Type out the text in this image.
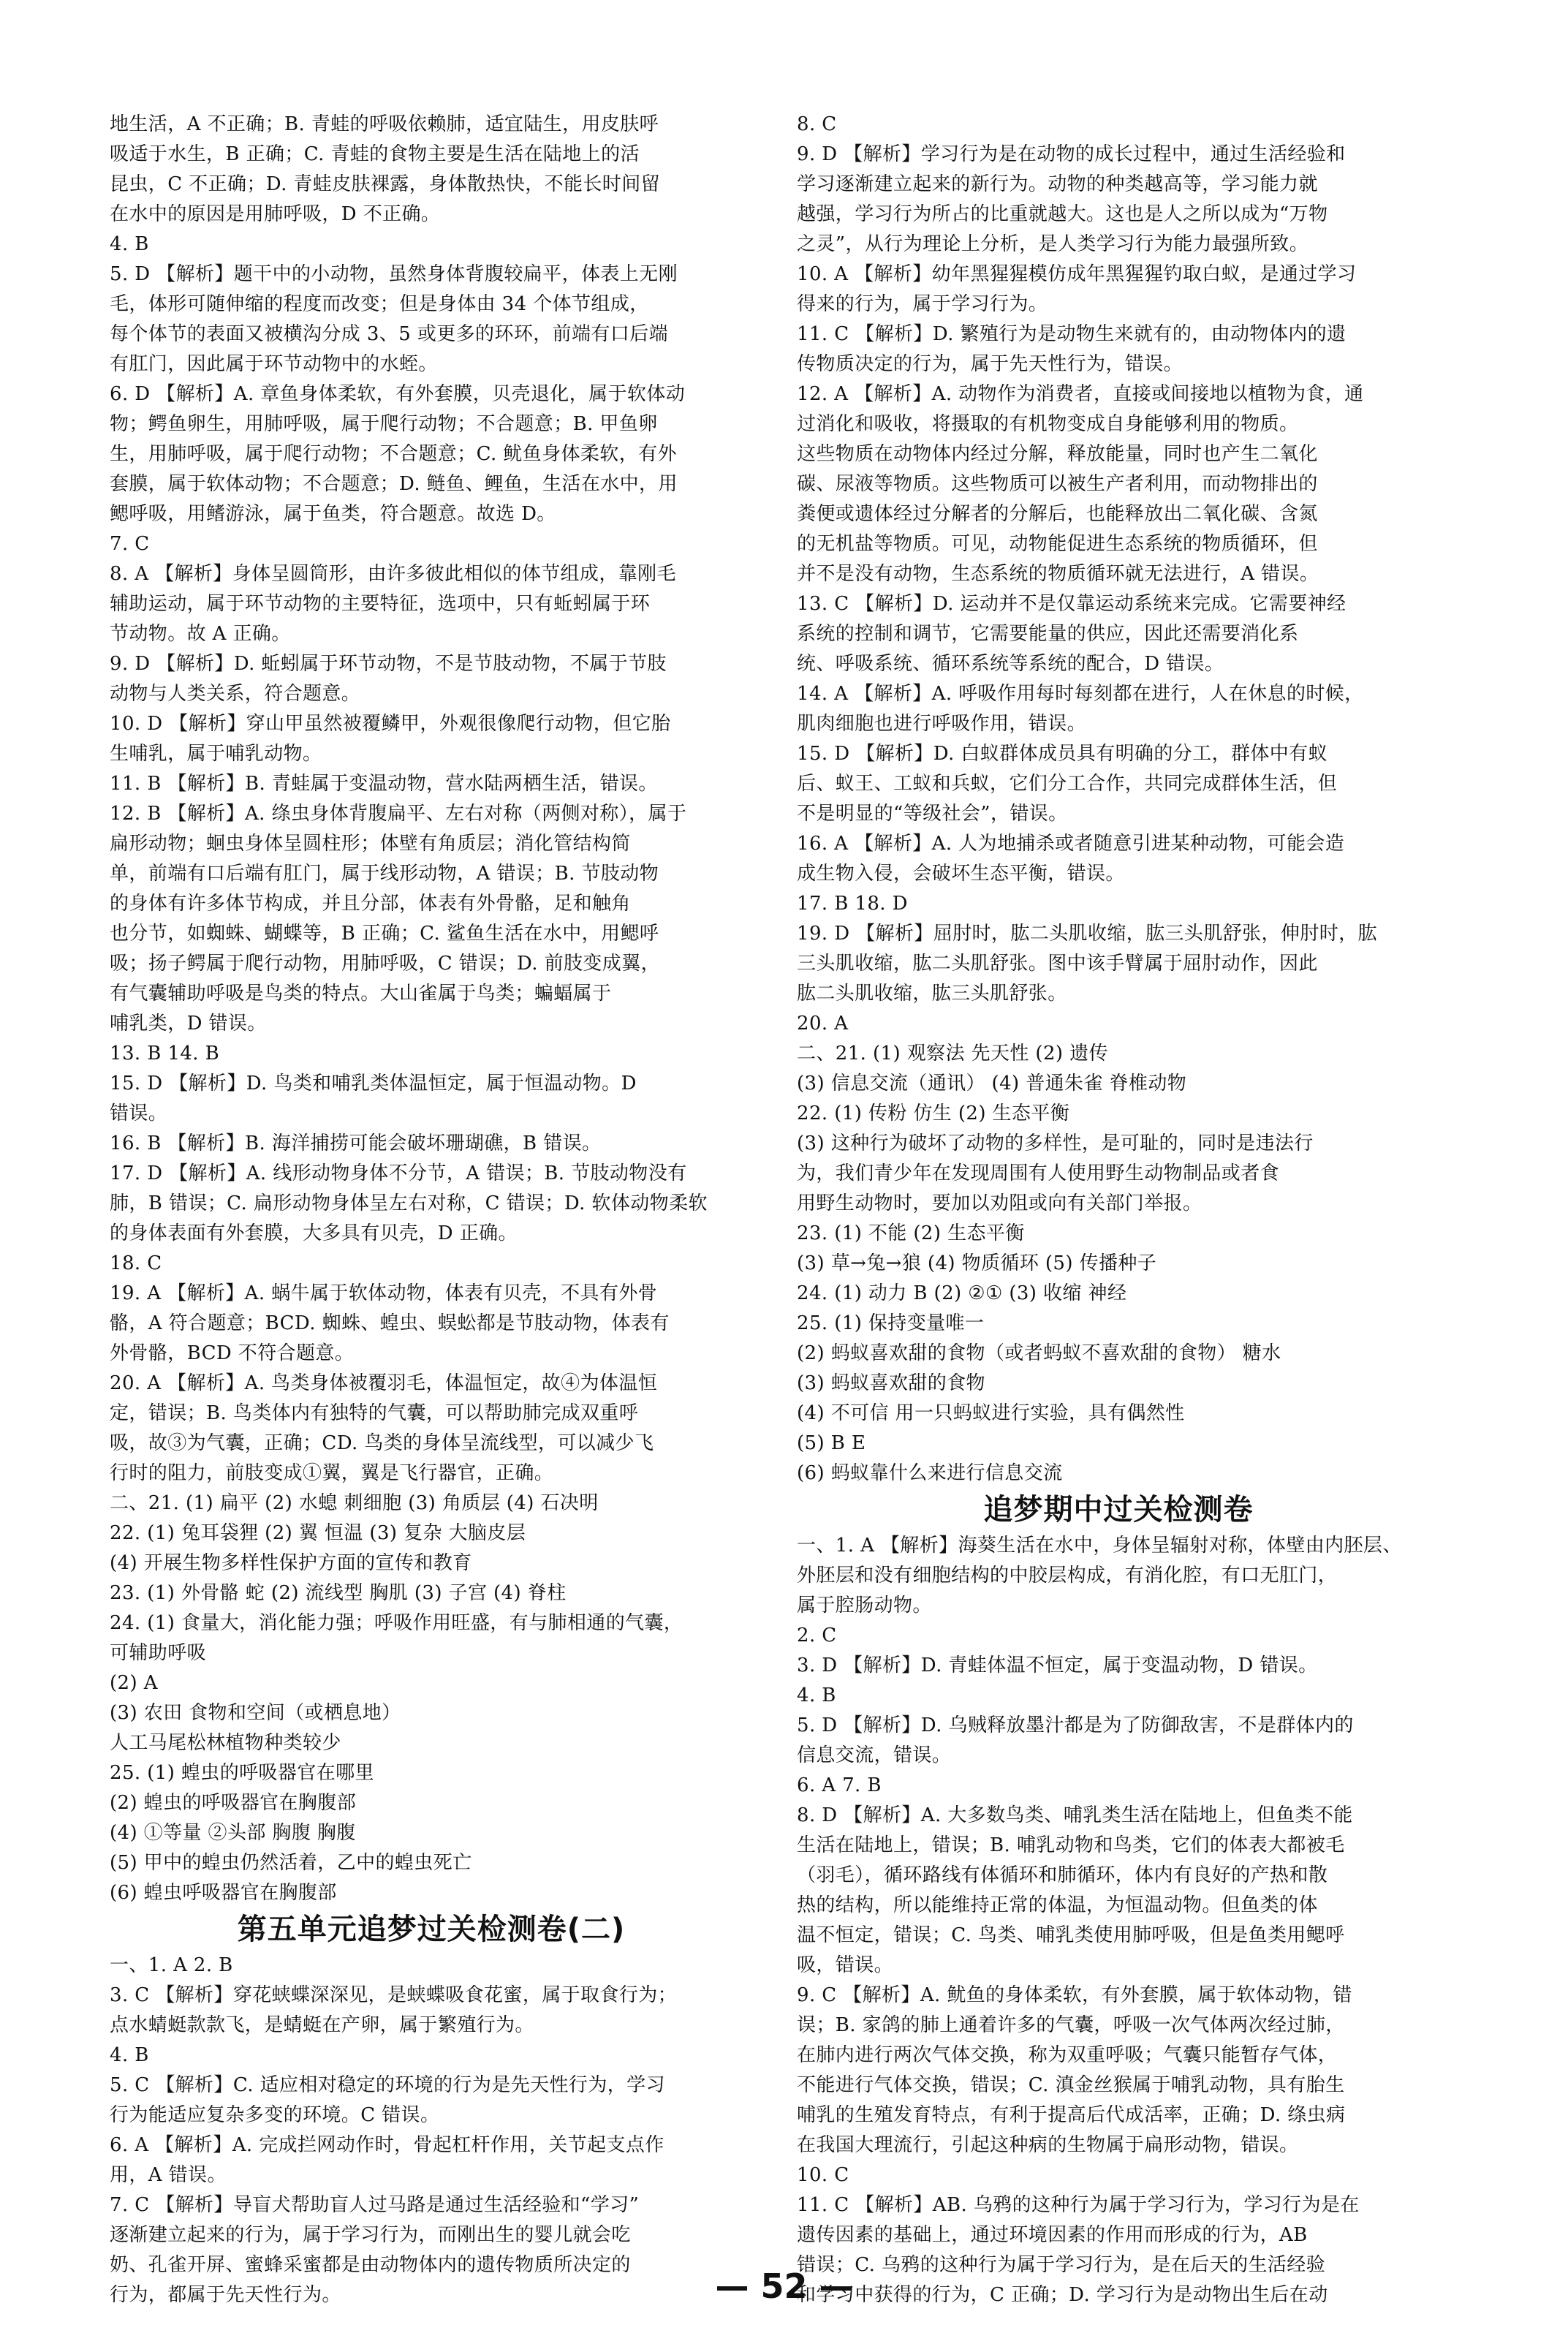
地生活，A 不正确；B. 青蛙的呼吸依赖肺，适宜陆生，用皮肤呼
吸适于水生，B 正确；C. 青蛙的食物主要是生活在陆地上的活
昆虫，C 不正确；D. 青蛙皮肤裸露，身体散热快，不能长时间留
在水中的原因是用肺呼吸，D 不正确。
4. B
5. D 【解析】题干中的小动物，虽然身体背腹较扁平，体表上无刚
毛，体形可随伸缩的程度而改变；但是身体由 34 个体节组成，
每个体节的表面又被横沟分成 3、5 或更多的环环，前端有口后端
有肛门，因此属于环节动物中的水蛭。
6. D 【解析】A. 章鱼身体柔软，有外套膜，贝壳退化，属于软体动
物；鳄鱼卵生，用肺呼吸，属于爬行动物；不合题意；B. 甲鱼卵
生，用肺呼吸，属于爬行动物；不合题意；C. 鱿鱼身体柔软，有外
套膜，属于软体动物；不合题意；D. 鲢鱼、鲤鱼，生活在水中，用
鳃呼吸，用鳍游泳，属于鱼类，符合题意。故选 D。
7. C
8. A 【解析】身体呈圆筒形，由许多彼此相似的体节组成，靠刚毛
辅助运动，属于环节动物的主要特征，选项中，只有蚯蚓属于环
节动物。故 A 正确。
9. D 【解析】D. 蚯蚓属于环节动物，不是节肢动物，不属于节肢
动物与人类关系，符合题意。
10. D 【解析】穿山甲虽然被覆鳞甲，外观很像爬行动物，但它胎
生哺乳，属于哺乳动物。
11. B 【解析】B. 青蛙属于变温动物，营水陆两栖生活，错误。
12. B 【解析】A. 绦虫身体背腹扁平、左右对称（两侧对称），属于
扁形动物；蛔虫身体呈圆柱形；体壁有角质层；消化管结构简
单，前端有口后端有肛门，属于线形动物，A 错误；B. 节肢动物
的身体有许多体节构成，并且分部，体表有外骨骼，足和触角
也分节，如蜘蛛、蝴蝶等，B 正确；C. 鲨鱼生活在水中，用鳃呼
吸；扬子鳄属于爬行动物，用肺呼吸，C 错误；D. 前肢变成翼，
有气囊辅助呼吸是鸟类的特点。大山雀属于鸟类；蝙蝠属于
哺乳类，D 错误。
13. B 14. B
15. D 【解析】D. 鸟类和哺乳类体温恒定，属于恒温动物。D
错误。
16. B 【解析】B. 海洋捕捞可能会破坏珊瑚礁，B 错误。
17. D 【解析】A. 线形动物身体不分节，A 错误；B. 节肢动物没有
肺，B 错误；C. 扁形动物身体呈左右对称，C 错误；D. 软体动物柔软
的身体表面有外套膜，大多具有贝壳，D 正确。
18. C
19. A 【解析】A. 蜗牛属于软体动物，体表有贝壳，不具有外骨
骼，A 符合题意；BCD. 蜘蛛、蝗虫、蜈蚣都是节肢动物，体表有
外骨骼，BCD 不符合题意。
20. A 【解析】A. 鸟类身体被覆羽毛，体温恒定，故④为体温恒
定，错误；B. 鸟类体内有独特的气囊，可以帮助肺完成双重呼
吸，故③为气囊，正确；CD. 鸟类的身体呈流线型，可以减少飞
行时的阻力，前肢变成①翼，翼是飞行器官，正确。
二、21. (1) 扁平 (2) 水螅 刺细胞 (3) 角质层 (4) 石决明
22. (1) 兔耳袋狸 (2) 翼 恒温 (3) 复杂 大脑皮层
(4) 开展生物多样性保护方面的宣传和教育
23. (1) 外骨骼 蛇 (2) 流线型 胸肌 (3) 子宫 (4) 脊柱
24. (1) 食量大，消化能力强；呼吸作用旺盛，有与肺相通的气囊，
可辅助呼吸
(2) A
(3) 农田 食物和空间（或栖息地）
人工马尾松林植物种类较少
25. (1) 蝗虫的呼吸器官在哪里
(2) 蝗虫的呼吸器官在胸腹部
(4) ①等量 ②头部 胸腹 胸腹
(5) 甲中的蝗虫仍然活着，乙中的蝗虫死亡
(6) 蝗虫呼吸器官在胸腹部
第五单元追梦过关检测卷(二)
一、1. A 2. B
3. C 【解析】穿花蛱蝶深深见，是蛱蝶吸食花蜜，属于取食行为；
点水蜻蜓款款飞，是蜻蜓在产卵，属于繁殖行为。
4. B
5. C 【解析】C. 适应相对稳定的环境的行为是先天性行为，学习
行为能适应复杂多变的环境。C 错误。
6. A 【解析】A. 完成拦网动作时，骨起杠杆作用，关节起支点作
用，A 错误。
7. C 【解析】导盲犬帮助盲人过马路是通过生活经验和“学习”
逐渐建立起来的行为，属于学习行为，而刚出生的婴儿就会吃
奶、孔雀开屏、蜜蜂采蜜都是由动物体内的遗传物质所决定的
行为，都属于先天性行为。
8. C
9. D 【解析】学习行为是在动物的成长过程中，通过生活经验和
学习逐渐建立起来的新行为。动物的种类越高等，学习能力就
越强，学习行为所占的比重就越大。这也是人之所以成为“万物
之灵”，从行为理论上分析，是人类学习行为能力最强所致。
10. A 【解析】幼年黑猩猩模仿成年黑猩猩钓取白蚁，是通过学习
得来的行为，属于学习行为。
11. C 【解析】D. 繁殖行为是动物生来就有的，由动物体内的遗
传物质决定的行为，属于先天性行为，错误。
12. A 【解析】A. 动物作为消费者，直接或间接地以植物为食，通
过消化和吸收，将摄取的有机物变成自身能够利用的物质。
这些物质在动物体内经过分解，释放能量，同时也产生二氧化
碳、尿液等物质。这些物质可以被生产者利用，而动物排出的
粪便或遗体经过分解者的分解后，也能释放出二氧化碳、含氮
的无机盐等物质。可见，动物能促进生态系统的物质循环，但
并不是没有动物，生态系统的物质循环就无法进行，A 错误。
13. C 【解析】D. 运动并不是仅靠运动系统来完成。它需要神经
系统的控制和调节，它需要能量的供应，因此还需要消化系
统、呼吸系统、循环系统等系统的配合，D 错误。
14. A 【解析】A. 呼吸作用每时每刻都在进行，人在休息的时候，
肌肉细胞也进行呼吸作用，错误。
15. D 【解析】D. 白蚁群体成员具有明确的分工，群体中有蚁
后、蚁王、工蚁和兵蚁，它们分工合作，共同完成群体生活，但
不是明显的“等级社会”，错误。
16. A 【解析】A. 人为地捕杀或者随意引进某种动物，可能会造
成生物入侵，会破坏生态平衡，错误。
17. B 18. D
19. D 【解析】屈肘时，肱二头肌收缩，肱三头肌舒张，伸肘时，肱
三头肌收缩，肱二头肌舒张。图中该手臂属于屈肘动作，因此
肱二头肌收缩，肱三头肌舒张。
20. A
二、21. (1) 观察法 先天性 (2) 遗传
(3) 信息交流（通讯） (4) 普通朱雀 脊椎动物
22. (1) 传粉 仿生 (2) 生态平衡
(3) 这种行为破坏了动物的多样性，是可耻的，同时是违法行
为，我们青少年在发现周围有人使用野生动物制品或者食
用野生动物时，要加以劝阻或向有关部门举报。
23. (1) 不能 (2) 生态平衡
(3) 草→兔→狼 (4) 物质循环 (5) 传播种子
24. (1) 动力 B (2) ②① (3) 收缩 神经
25. (1) 保持变量唯一
(2) 蚂蚁喜欢甜的食物（或者蚂蚁不喜欢甜的食物） 糖水
(3) 蚂蚁喜欢甜的食物
(4) 不可信 用一只蚂蚁进行实验，具有偶然性
(5) B E
(6) 蚂蚁靠什么来进行信息交流
追梦期中过关检测卷
一、1. A 【解析】海葵生活在水中，身体呈辐射对称，体壁由内胚层、
外胚层和没有细胞结构的中胶层构成，有消化腔，有口无肛门，
属于腔肠动物。
2. C
3. D 【解析】D. 青蛙体温不恒定，属于变温动物，D 错误。
4. B
5. D 【解析】D. 乌贼释放墨汁都是为了防御敌害，不是群体内的
信息交流，错误。
6. A 7. B
8. D 【解析】A. 大多数鸟类、哺乳类生活在陆地上，但鱼类不能
生活在陆地上，错误；B. 哺乳动物和鸟类，它们的体表大都被毛
（羽毛），循环路线有体循环和肺循环，体内有良好的产热和散
热的结构，所以能维持正常的体温，为恒温动物。但鱼类的体
温不恒定，错误；C. 鸟类、哺乳类使用肺呼吸，但是鱼类用鳃呼
吸，错误。
9. C 【解析】A. 鱿鱼的身体柔软，有外套膜，属于软体动物，错
误；B. 家鸽的肺上通着许多的气囊，呼吸一次气体两次经过肺，
在肺内进行两次气体交换，称为双重呼吸；气囊只能暂存气体，
不能进行气体交换，错误；C. 滇金丝猴属于哺乳动物，具有胎生
哺乳的生殖发育特点，有利于提高后代成活率，正确；D. 绦虫病
在我国大理流行，引起这种病的生物属于扁形动物，错误。
10. C
11. C 【解析】AB. 乌鸦的这种行为属于学习行为，学习行为是在
遗传因素的基础上，通过环境因素的作用而形成的行为，AB
错误；C. 乌鸦的这种行为属于学习行为，是在后天的生活经验
和学习中获得的行为，C 正确；D. 学习行为是动物出生后在动
— 52 —
